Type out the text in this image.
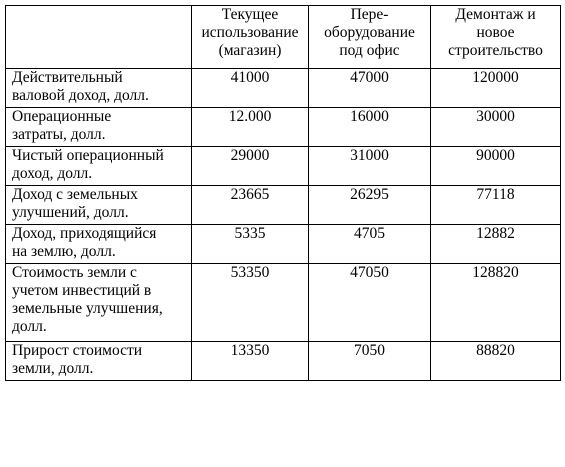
	Текущее
использование
(магазин)	Пере-
оборудование
под офис	Демонтаж и
новое
строительство

Действительный
валовой доход, долл.	41000	47000	120000

Операционные
затраты, долл.	12.000	16000	30000

Чистый операционный
доход, долл.	29000	31000	90000

Доход с земельных
улучшений, долл.	23665	26295	77118

Доход, приходящийся
на землю, долл.	5335	4705	12882

Стоимость земли с
учетом инвестиций в
земельные улучшения,
долл.	53350	47050	128820

Прирост стоимости
земли, долл.	13350	7050	88820
